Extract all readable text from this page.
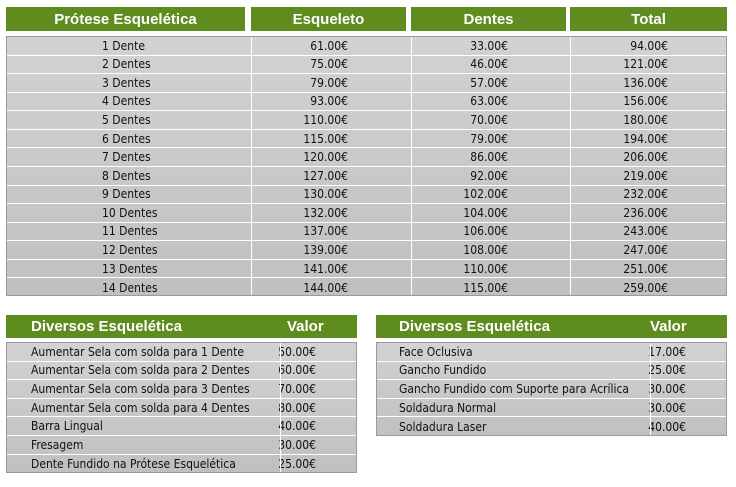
Prótese Esquelética	Esqueleto	Dentes	Total
1 Dente	61.00€	33.00€	94.00€
2 Dentes	75.00€	46.00€	121.00€
3 Dentes	79.00€	57.00€	136.00€
4 Dentes	93.00€	63.00€	156.00€
5 Dentes	110.00€	70.00€	180.00€
6 Dentes	115.00€	79.00€	194.00€
7 Dentes	120.00€	86.00€	206.00€
8 Dentes	127.00€	92.00€	219.00€
9 Dentes	130.00€	102.00€	232.00€
10 Dentes	132.00€	104.00€	236.00€
11 Dentes	137.00€	106.00€	243.00€
12 Dentes	139.00€	108.00€	247.00€
13 Dentes	141.00€	110.00€	251.00€
14 Dentes	144.00€	115.00€	259.00€
Diversos Esquelética	Valor
Aumentar Sela com solda para 1 Dente	50.00€
Aumentar Sela com solda para 2 Dentes 60.00€
Aumentar Sela com solda para 3 Dentes 70.00€
Aumentar Sela com solda para 4 Dentes 80.00€
Barra Lingual	40.00€
Fresagem	30.00€
Dente Fundido na Prótese Esquelética	25.00€
Diversos Esquelética	Valor
Face Oclusiva	17.00€
Gancho Fundido	25.00€
Gancho Fundido com Suporte para Acrílica 30.00€
Soldadura Normal	30.00€
Soldadura Laser	40.00€
